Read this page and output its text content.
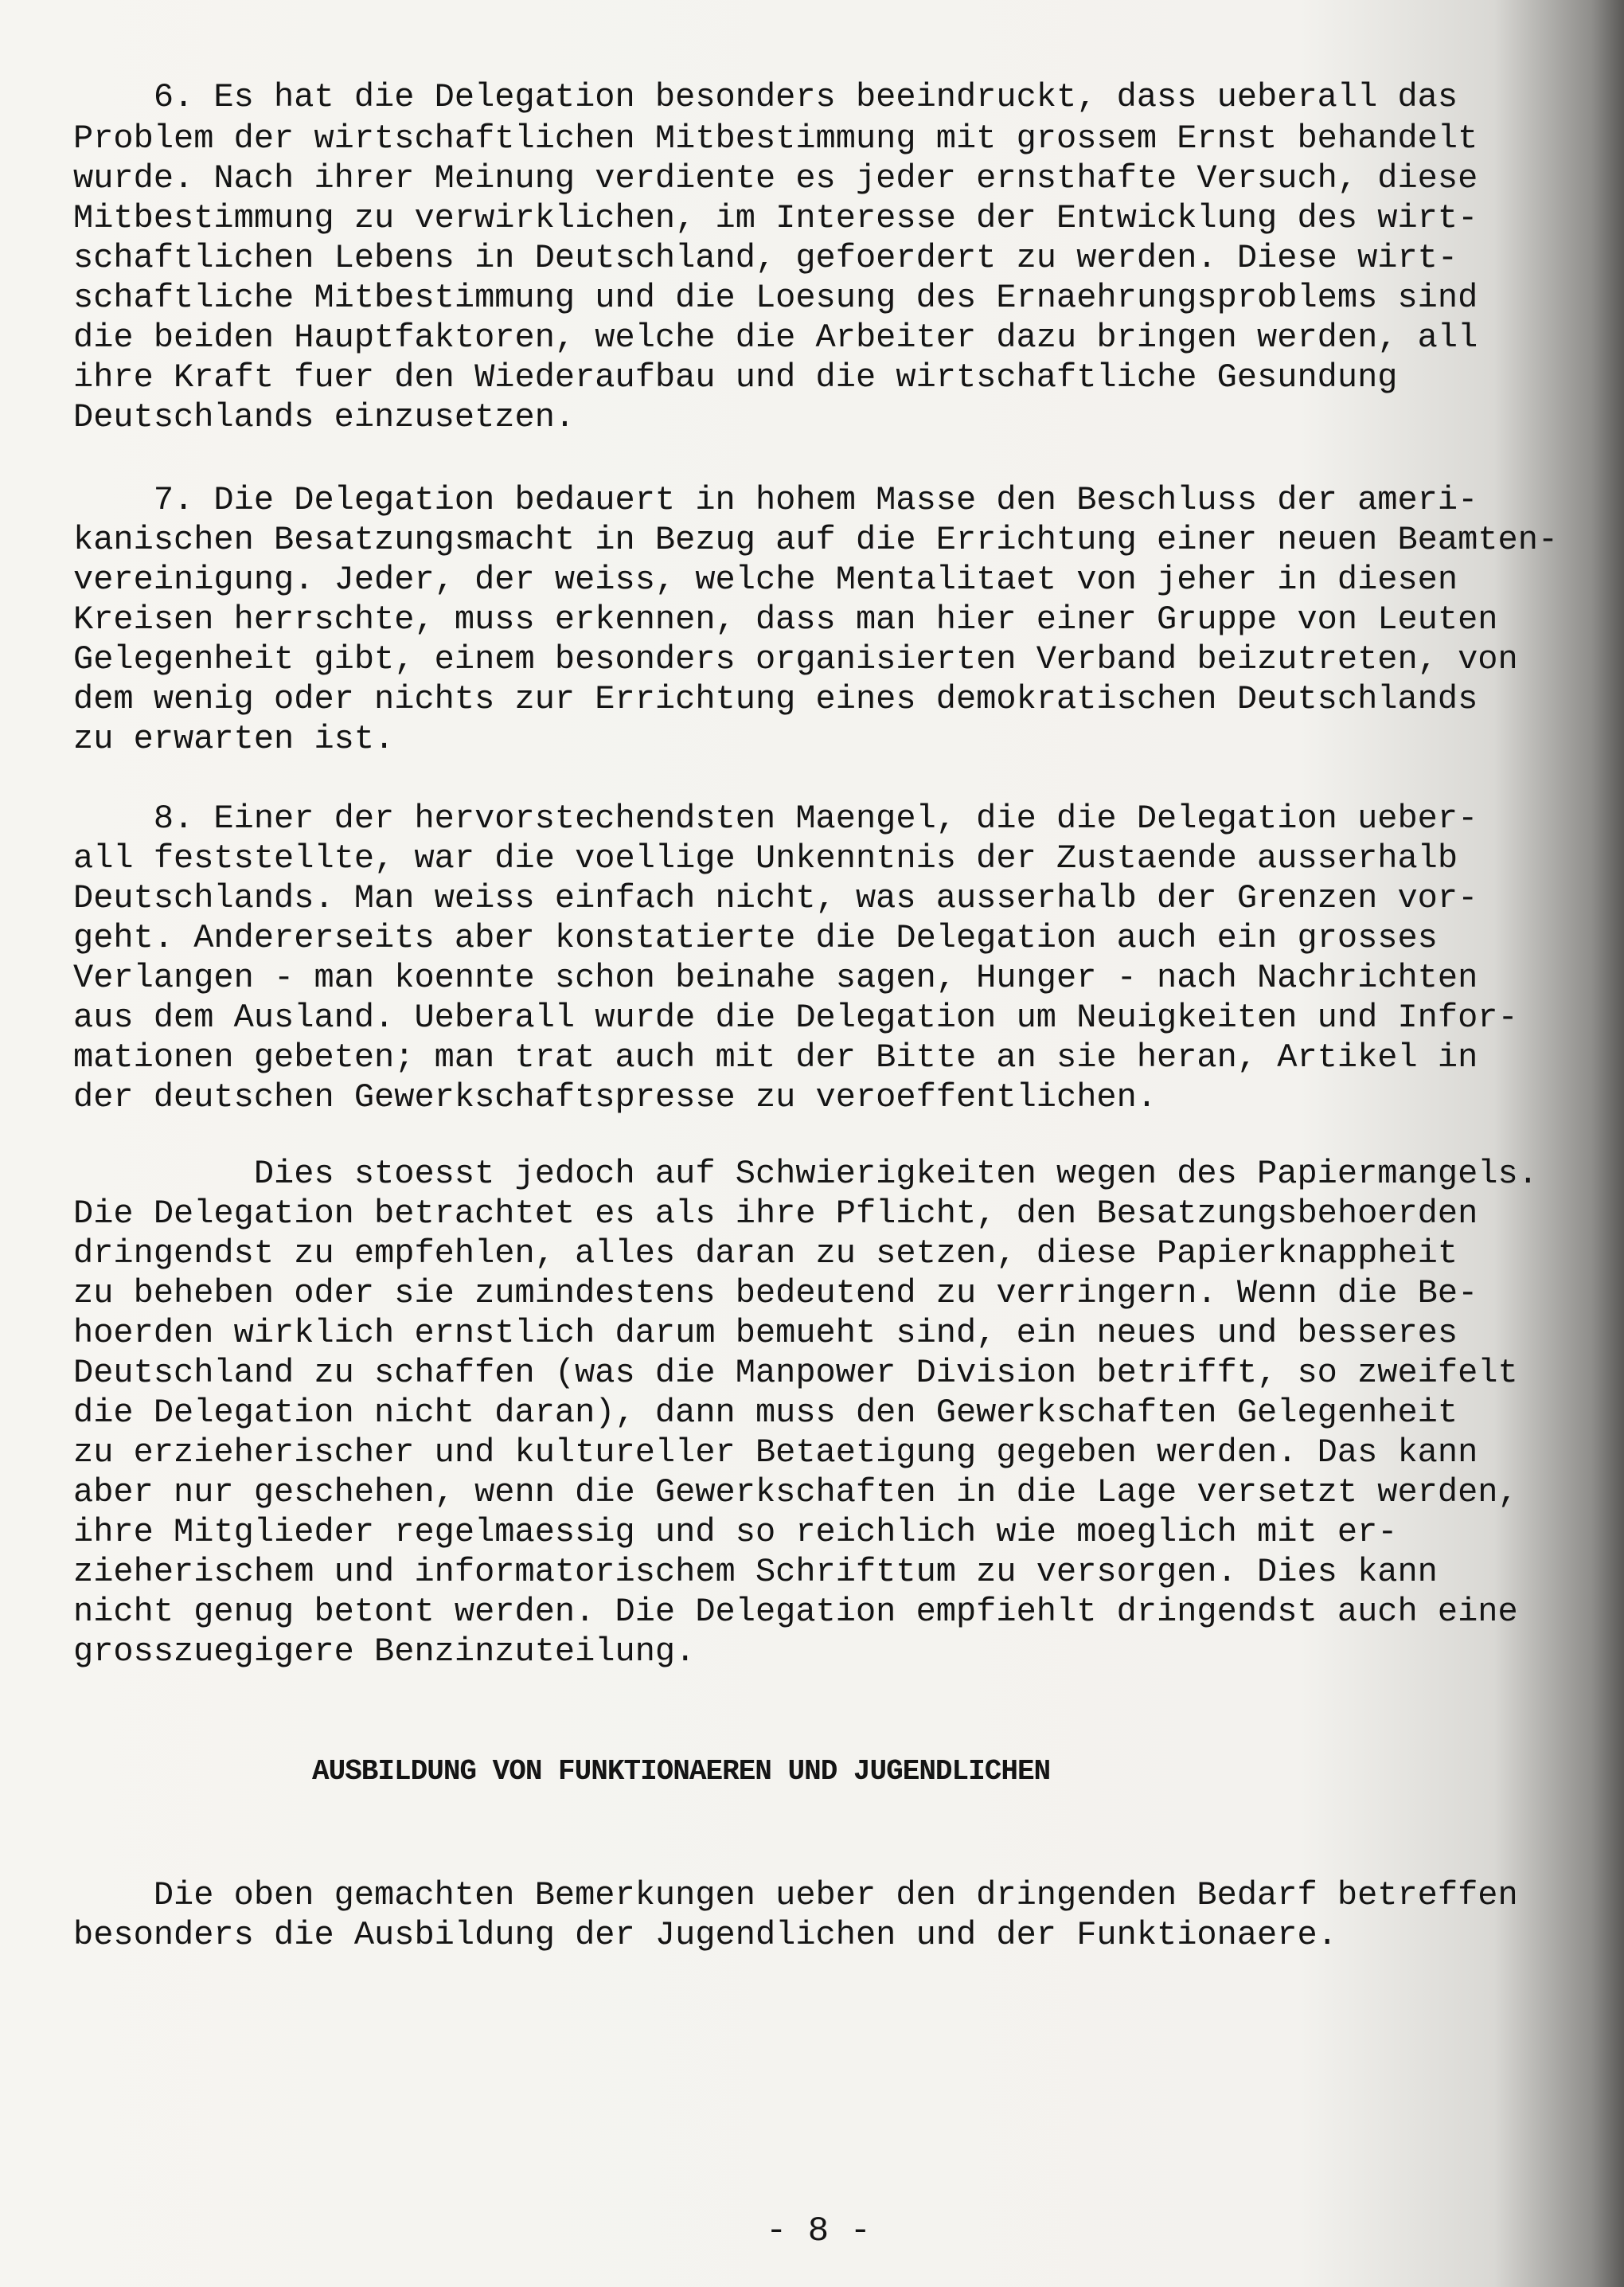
6. Es hat die Delegation besonders beeindruckt, dass ueberall das
Problem der wirtschaftlichen Mitbestimmung mit grossem Ernst behandelt
wurde. Nach ihrer Meinung verdiente es jeder ernsthafte Versuch, diese
Mitbestimmung zu verwirklichen, im Interesse der Entwicklung des wirt-
schaftlichen Lebens in Deutschland, gefoerdert zu werden. Diese wirt-
schaftliche Mitbestimmung und die Loesung des Ernaehrungsproblems sind
die beiden Hauptfaktoren, welche die Arbeiter dazu bringen werden, all
ihre Kraft fuer den Wiederaufbau und die wirtschaftliche Gesundung
Deutschlands einzusetzen.
7. Die Delegation bedauert in hohem Masse den Beschluss der ameri-
kanischen Besatzungsmacht in Bezug auf die Errichtung einer neuen Beamten-
vereinigung. Jeder, der weiss, welche Mentalitaet von jeher in diesen
Kreisen herrschte, muss erkennen, dass man hier einer Gruppe von Leuten
Gelegenheit gibt, einem besonders organisierten Verband beizutreten, von
dem wenig oder nichts zur Errichtung eines demokratischen Deutschlands
zu erwarten ist.
8. Einer der hervorstechendsten Maengel, die die Delegation ueber-
all feststellte, war die voellige Unkenntnis der Zustaende ausserhalb
Deutschlands. Man weiss einfach nicht, was ausserhalb der Grenzen vor-
geht. Andererseits aber konstatierte die Delegation auch ein grosses
Verlangen - man koennte schon beinahe sagen, Hunger - nach Nachrichten
aus dem Ausland. Ueberall wurde die Delegation um Neuigkeiten und Infor-
mationen gebeten; man trat auch mit der Bitte an sie heran, Artikel in
der deutschen Gewerkschaftspresse zu veroeffentlichen.
Dies stoesst jedoch auf Schwierigkeiten wegen des Papiermangels.
Die Delegation betrachtet es als ihre Pflicht, den Besatzungsbehoerden
dringendst zu empfehlen, alles daran zu setzen, diese Papierknappheit
zu beheben oder sie zumindestens bedeutend zu verringern. Wenn die Be-
hoerden wirklich ernstlich darum bemueht sind, ein neues und besseres
Deutschland zu schaffen (was die Manpower Division betrifft, so zweifelt
die Delegation nicht daran), dann muss den Gewerkschaften Gelegenheit
zu erzieherischer und kultureller Betaetigung gegeben werden. Das kann
aber nur geschehen, wenn die Gewerkschaften in die Lage versetzt werden,
ihre Mitglieder regelmaessig und so reichlich wie moeglich mit er-
zieherischem und informatorischem Schrifttum zu versorgen. Dies kann
nicht genug betont werden. Die Delegation empfiehlt dringendst auch eine
grosszuegigere Benzinzuteilung.
AUSBILDUNG VON FUNKTIONAEREN UND JUGENDLICHEN
Die oben gemachten Bemerkungen ueber den dringenden Bedarf betreffen
besonders die Ausbildung der Jugendlichen und der Funktionaere.
- 8 -
